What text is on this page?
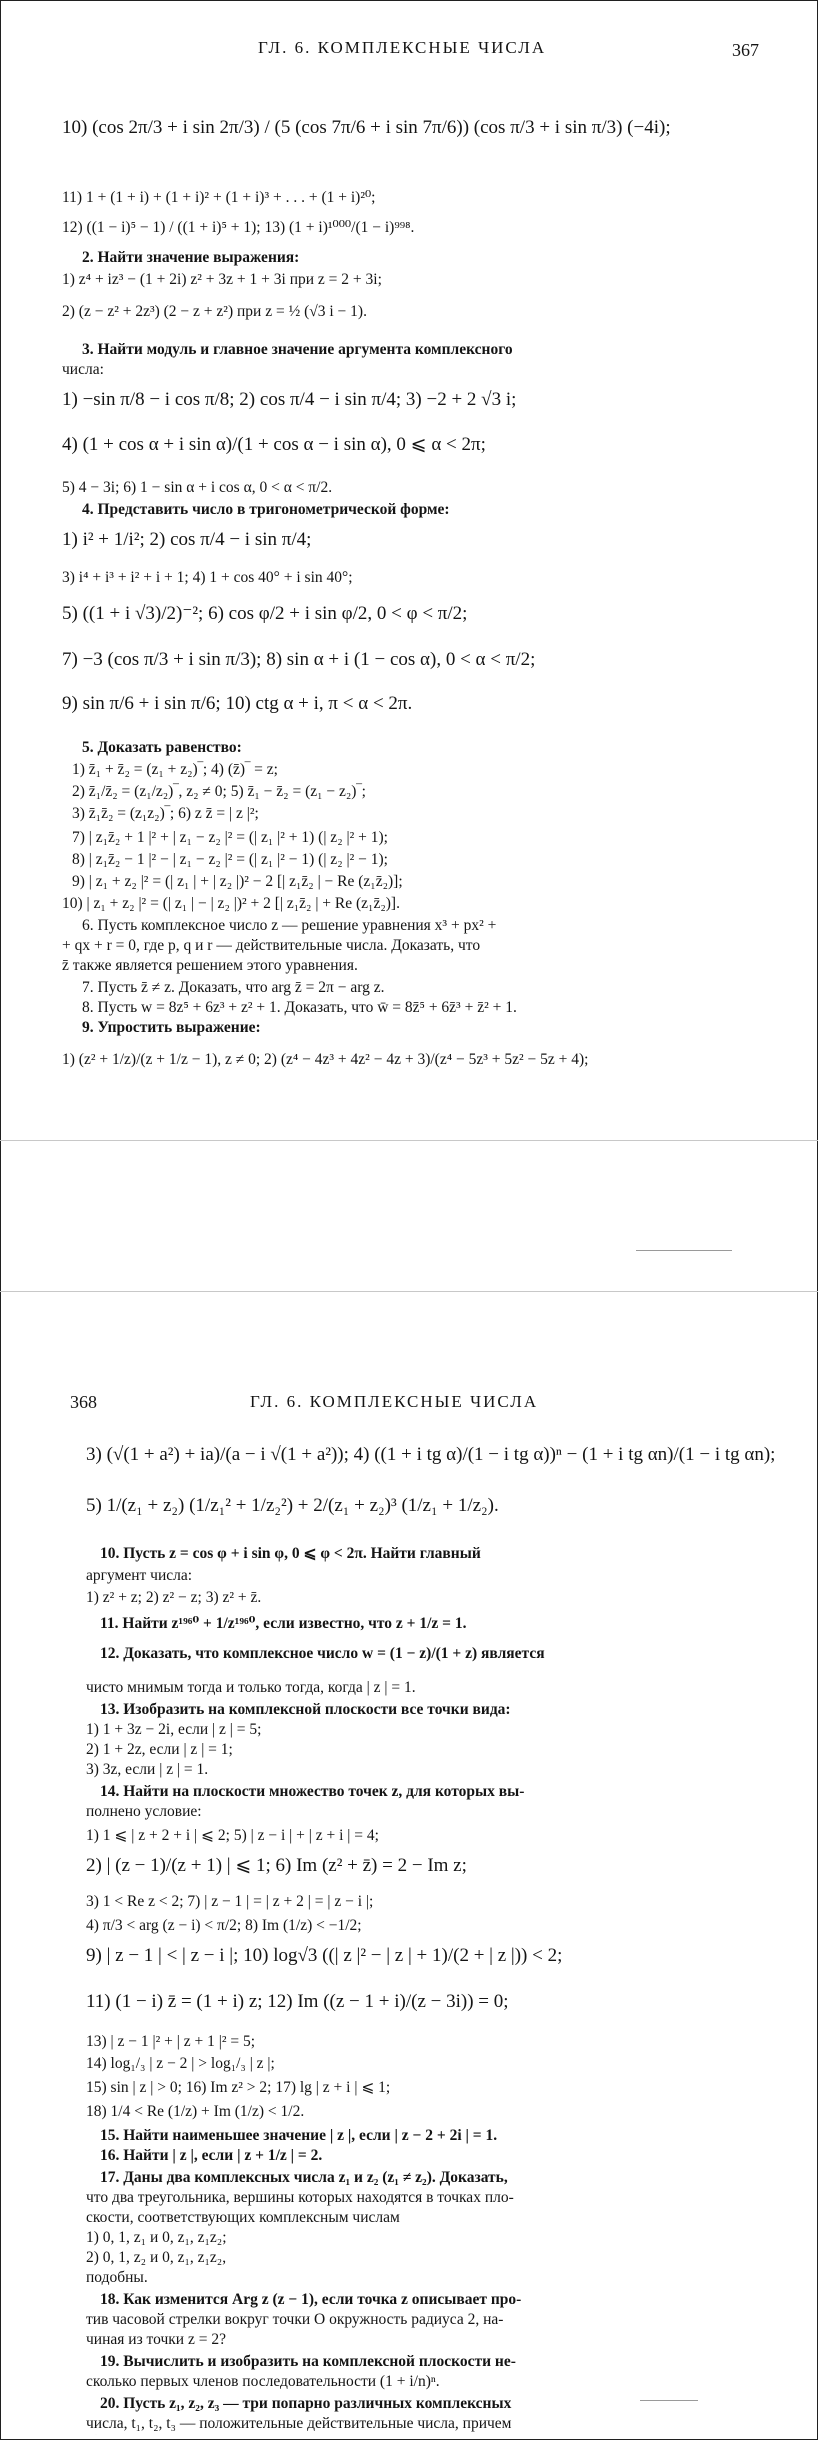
ГЛ. 6. КОМПЛЕКСНЫЕ ЧИСЛА	367
10) (cos 2π/3 + i sin 2π/3) / (5 (cos 7π/6 + i sin 7π/6)) (cos π/3 + i sin π/3) (−4i);
11) 1 + (1 + i) + (1 + i)² + (1 + i)³ + . . . + (1 + i)²⁰;
12) ((1 − i)⁵ − 1) / ((1 + i)⁵ + 1); 13) (1 + i)¹⁰⁰⁰/(1 − i)⁹⁹⁸.
2. Найти значение выражения:
1) z⁴ + iz³ − (1 + 2i) z² + 3z + 1 + 3i при z = 2 + 3i;
2) (z − z² + 2z³) (2 − z + z²) при z = ½ (√3 i − 1).
3. Найти модуль и главное значение аргумента комплексного
числа:
1) −sin π/8 − i cos π/8; 2) cos π/4 − i sin π/4; 3) −2 + 2 √3 i;
4) (1 + cos α + i sin α)/(1 + cos α − i sin α), 0 ⩽ α < 2π;
5) 4 − 3i; 6) 1 − sin α + i cos α, 0 < α < π/2.
4. Представить число в тригонометрической форме:
1) i² + 1/i²; 2) cos π/4 − i sin π/4;
3) i⁴ + i³ + i² + i + 1; 4) 1 + cos 40° + i sin 40°;
5) ((1 + i √3)/2)⁻²; 6) cos φ/2 + i sin φ/2, 0 < φ < π/2;
7) −3 (cos π/3 + i sin π/3); 8) sin α + i (1 − cos α), 0 < α < π/2;
9) sin π/6 + i sin π/6; 10) ctg α + i, π < α < 2π.
5. Доказать равенство:
1) z̄₁ + z̄₂ = (z₁ + z₂)‾; 4) (z̄)‾ = z;
2) z̄₁/z̄₂ = (z₁/z₂)‾, z₂ ≠ 0; 5) z̄₁ − z̄₂ = (z₁ − z₂)‾;
3) z̄₁z̄₂ = (z₁z₂)‾; 6) z z̄ = | z |²;
7) | z₁z̄₂ + 1 |² + | z₁ − z₂ |² = (| z₁ |² + 1) (| z₂ |² + 1);
8) | z₁z̄₂ − 1 |² − | z₁ − z₂ |² = (| z₁ |² − 1) (| z₂ |² − 1);
9) | z₁ + z₂ |² = (| z₁ | + | z₂ |)² − 2 [| z₁z̄₂ | − Re (z₁z̄₂)];
10) | z₁ + z₂ |² = (| z₁ | − | z₂ |)² + 2 [| z₁z̄₂ | + Re (z₁z̄₂)].
6. Пусть комплексное число z — решение уравнения x³ + px² +
+ qx + r = 0, где p, q и r — действительные числа. Доказать, что
z̄ также является решением этого уравнения.
7. Пусть z̄ ≠ z. Доказать, что arg z̄ = 2π − arg z.
8. Пусть w = 8z⁵ + 6z³ + z² + 1. Доказать, что w̄ = 8z̄⁵ + 6z̄³ + z̄² + 1.
9. Упростить выражение:
1) (z² + 1/z)/(z + 1/z − 1), z ≠ 0; 2) (z⁴ − 4z³ + 4z² − 4z + 3)/(z⁴ − 5z³ + 5z² − 5z + 4);
368	ГЛ. 6. КОМПЛЕКСНЫЕ ЧИСЛА
3) (√(1 + a²) + ia)/(a − i √(1 + a²)); 4) ((1 + i tg α)/(1 − i tg α))ⁿ − (1 + i tg αn)/(1 − i tg αn);
5) 1/(z₁ + z₂) (1/z₁² + 1/z₂²) + 2/(z₁ + z₂)³ (1/z₁ + 1/z₂).
10. Пусть z = cos φ + i sin φ, 0 ⩽ φ < 2π. Найти главный
аргумент числа:
1) z² + z; 2) z² − z; 3) z² + z̄.
11. Найти z¹⁹⁶⁰ + 1/z¹⁹⁶⁰, если известно, что z + 1/z = 1.
12. Доказать, что комплексное число w = (1 − z)/(1 + z) является
чисто мнимым тогда и только тогда, когда | z | = 1.
13. Изобразить на комплексной плоскости все точки вида:
1) 1 + 3z − 2i, если | z | = 5;
2) 1 + 2z, если | z | = 1;
3) 3z, если | z | = 1.
14. Найти на плоскости множество точек z, для которых вы-
полнено условие:
1) 1 ⩽ | z + 2 + i | ⩽ 2; 5) | z − i | + | z + i | = 4;
2) | (z − 1)/(z + 1) | ⩽ 1; 6) Im (z² + z̄) = 2 − Im z;
3) 1 < Re z < 2; 7) | z − 1 | = | z + 2 | = | z − i |;
4) π/3 < arg (z − i) < π/2; 8) Im (1/z) < −1/2;
9) | z − 1 | < | z − i |; 10) log√3 ((| z |² − | z | + 1)/(2 + | z |)) < 2;
11) (1 − i) z̄ = (1 + i) z; 12) Im ((z − 1 + i)/(z − 3i)) = 0;
13) | z − 1 |² + | z + 1 |² = 5;
14) log₁/₃ | z − 2 | > log₁/₃ | z |;
15) sin | z | > 0; 16) Im z² > 2; 17) lg | z + i | ⩽ 1;
18) 1/4 < Re (1/z) + Im (1/z) < 1/2.
15. Найти наименьшее значение | z |, если | z − 2 + 2i | = 1.
16. Найти | z |, если | z + 1/z | = 2.
17. Даны два комплексных числа z₁ и z₂ (z₁ ≠ z₂). Доказать,
что два треугольника, вершины которых находятся в точках пло-
скости, соответствующих комплексным числам
1) 0, 1, z₁ и 0, z₁, z₁z₂;
2) 0, 1, z₂ и 0, z₁, z₁z₂,
подобны.
18. Как изменится Arg z (z − 1), если точка z описывает про-
тив часовой стрелки вокруг точки O окружность радиуса 2, на-
чиная из точки z = 2?
19. Вычислить и изобразить на комплексной плоскости не-
сколько первых членов последовательности (1 + i/n)ⁿ.
20. Пусть z₁, z₂, z₃ — три попарно различных комплексных
числа, t₁, t₂, t₃ — положительные действительные числа, причем
t₁ + t₂ + t₃ = 1. Доказать, что комплексное число t₁z₁ + t₂z₂ + t₃z₃
